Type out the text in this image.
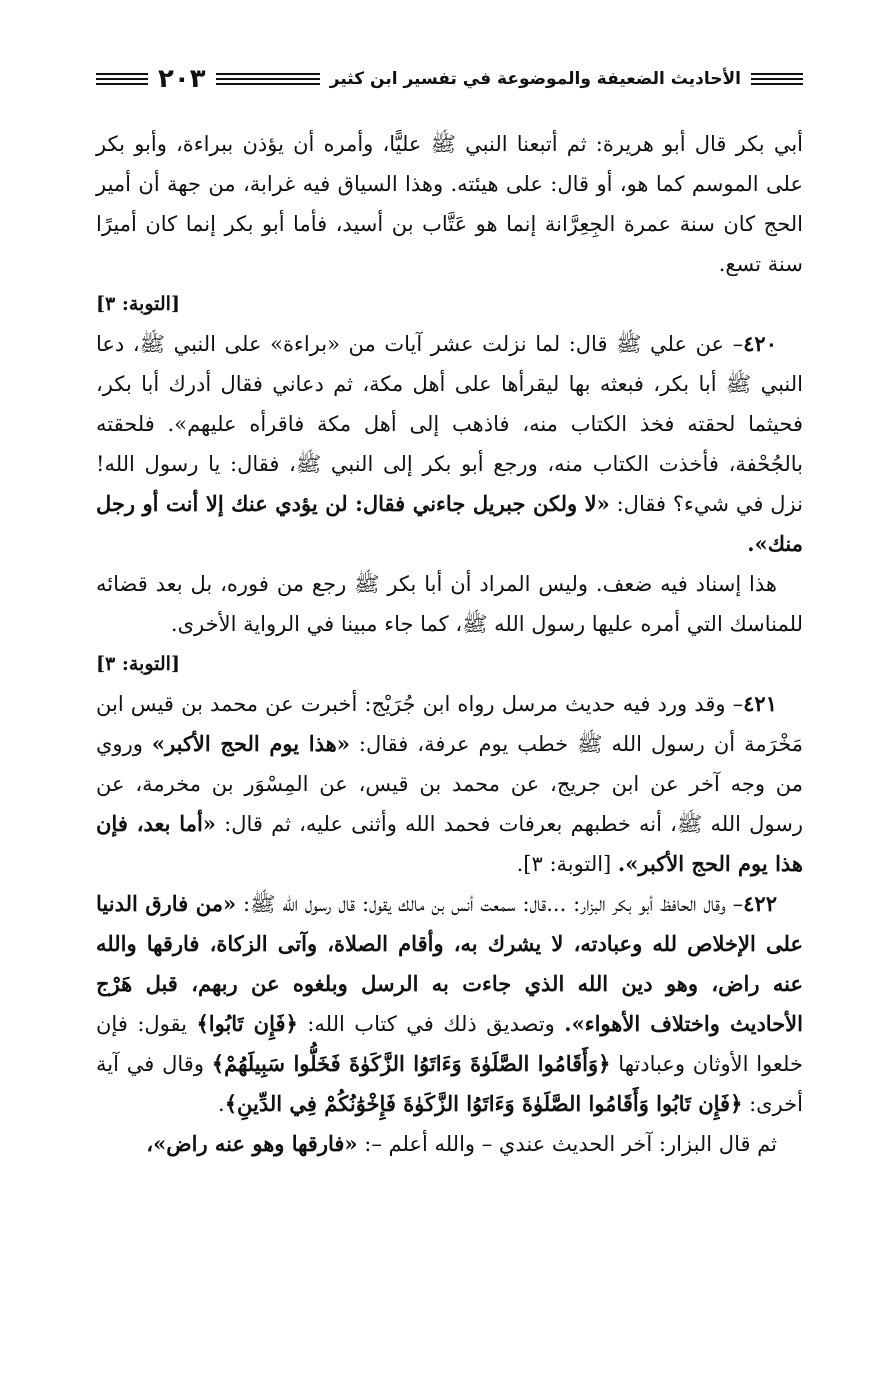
الأحاديث الضعيفة والموضوعة في تفسير ابن كثير
٢٠٣

أبي بكر قال أبو هريرة: ثم أتبعنا النبي ﷺ عليًّا، وأمره أن يؤذن ببراءة، وأبو بكر على الموسم كما هو، أو قال: على هيئته. وهذا السياق فيه غرابة، من جهة أن أمير الحج كان سنة عمرة الجِعِرَّانة إنما هو عَتَّاب بن أسيد، فأما أبو بكر إنما كان أميرًا سنة تسع.

[التوبة: ٣]

٤٢٠– عن علي ﷺ قال: لما نزلت عشر آيات من «براءة» على النبي ﷺ، دعا النبي ﷺ أبا بكر، فبعثه بها ليقرأها على أهل مكة، ثم دعاني فقال أدرك أبا بكر، فحيثما لحقته فخذ الكتاب منه، فاذهب إلى أهل مكة فاقرأه عليهم». فلحقته بالجُحْفة، فأخذت الكتاب منه، ورجع أبو بكر إلى النبي ﷺ، فقال: يا رسول الله! نزل في شيء؟ فقال: «لا ولكن جبريل جاءني فقال: لن يؤدي عنك إلا أنت أو رجل منك».

هذا إسناد فيه ضعف. وليس المراد أن أبا بكر ﷺ رجع من فوره، بل بعد قضائه للمناسك التي أمره عليها رسول الله ﷺ، كما جاء مبينا في الرواية الأخرى.

[التوبة: ٣]

٤٢١– وقد ورد فيه حديث مرسل رواه ابن جُرَيْج: أخبرت عن محمد بن قيس ابن مَخْرَمة أن رسول الله ﷺ خطب يوم عرفة، فقال: «هذا يوم الحج الأكبر» وروي من وجه آخر عن ابن جريج، عن محمد بن قيس، عن المِسْوَر بن مخرمة، عن رسول الله ﷺ، أنه خطبهم بعرفات فحمد الله وأثنى عليه، ثم قال: «أما بعد، فإن هذا يوم الحج الأكبر». [التوبة: ٣].

٤٢٢– وقال الحافظ أبو بكر البزار: ...قال: سمعت أنس بن مالك يقول: قال رسول الله ﷺ: «من فارق الدنيا على الإخلاص لله وعبادته، لا يشرك به، وأقام الصلاة، وآتى الزكاة، فارقها والله عنه راض، وهو دين الله الذي جاءت به الرسل وبلغوه عن ربهم، قبل هَرْج الأحاديث واختلاف الأهواء». وتصديق ذلك في كتاب الله: ﴿فَإِن تَابُوا﴾ يقول: فإن خلعوا الأوثان وعبادتها ﴿وَأَقَامُوا الصَّلَوٰةَ وَءَاتَوُا الزَّكَوٰةَ فَخَلُّوا سَبِيلَهُمْ﴾ وقال في آية أخرى: ﴿فَإِن تَابُوا وَأَقَامُوا الصَّلَوٰةَ وَءَاتَوُا الزَّكَوٰةَ فَإِخْوَٰنُكُمْ فِي الدِّينِ﴾.

ثم قال البزار: آخر الحديث عندي – والله أعلم –: «فارقها وهو عنه راض»،
